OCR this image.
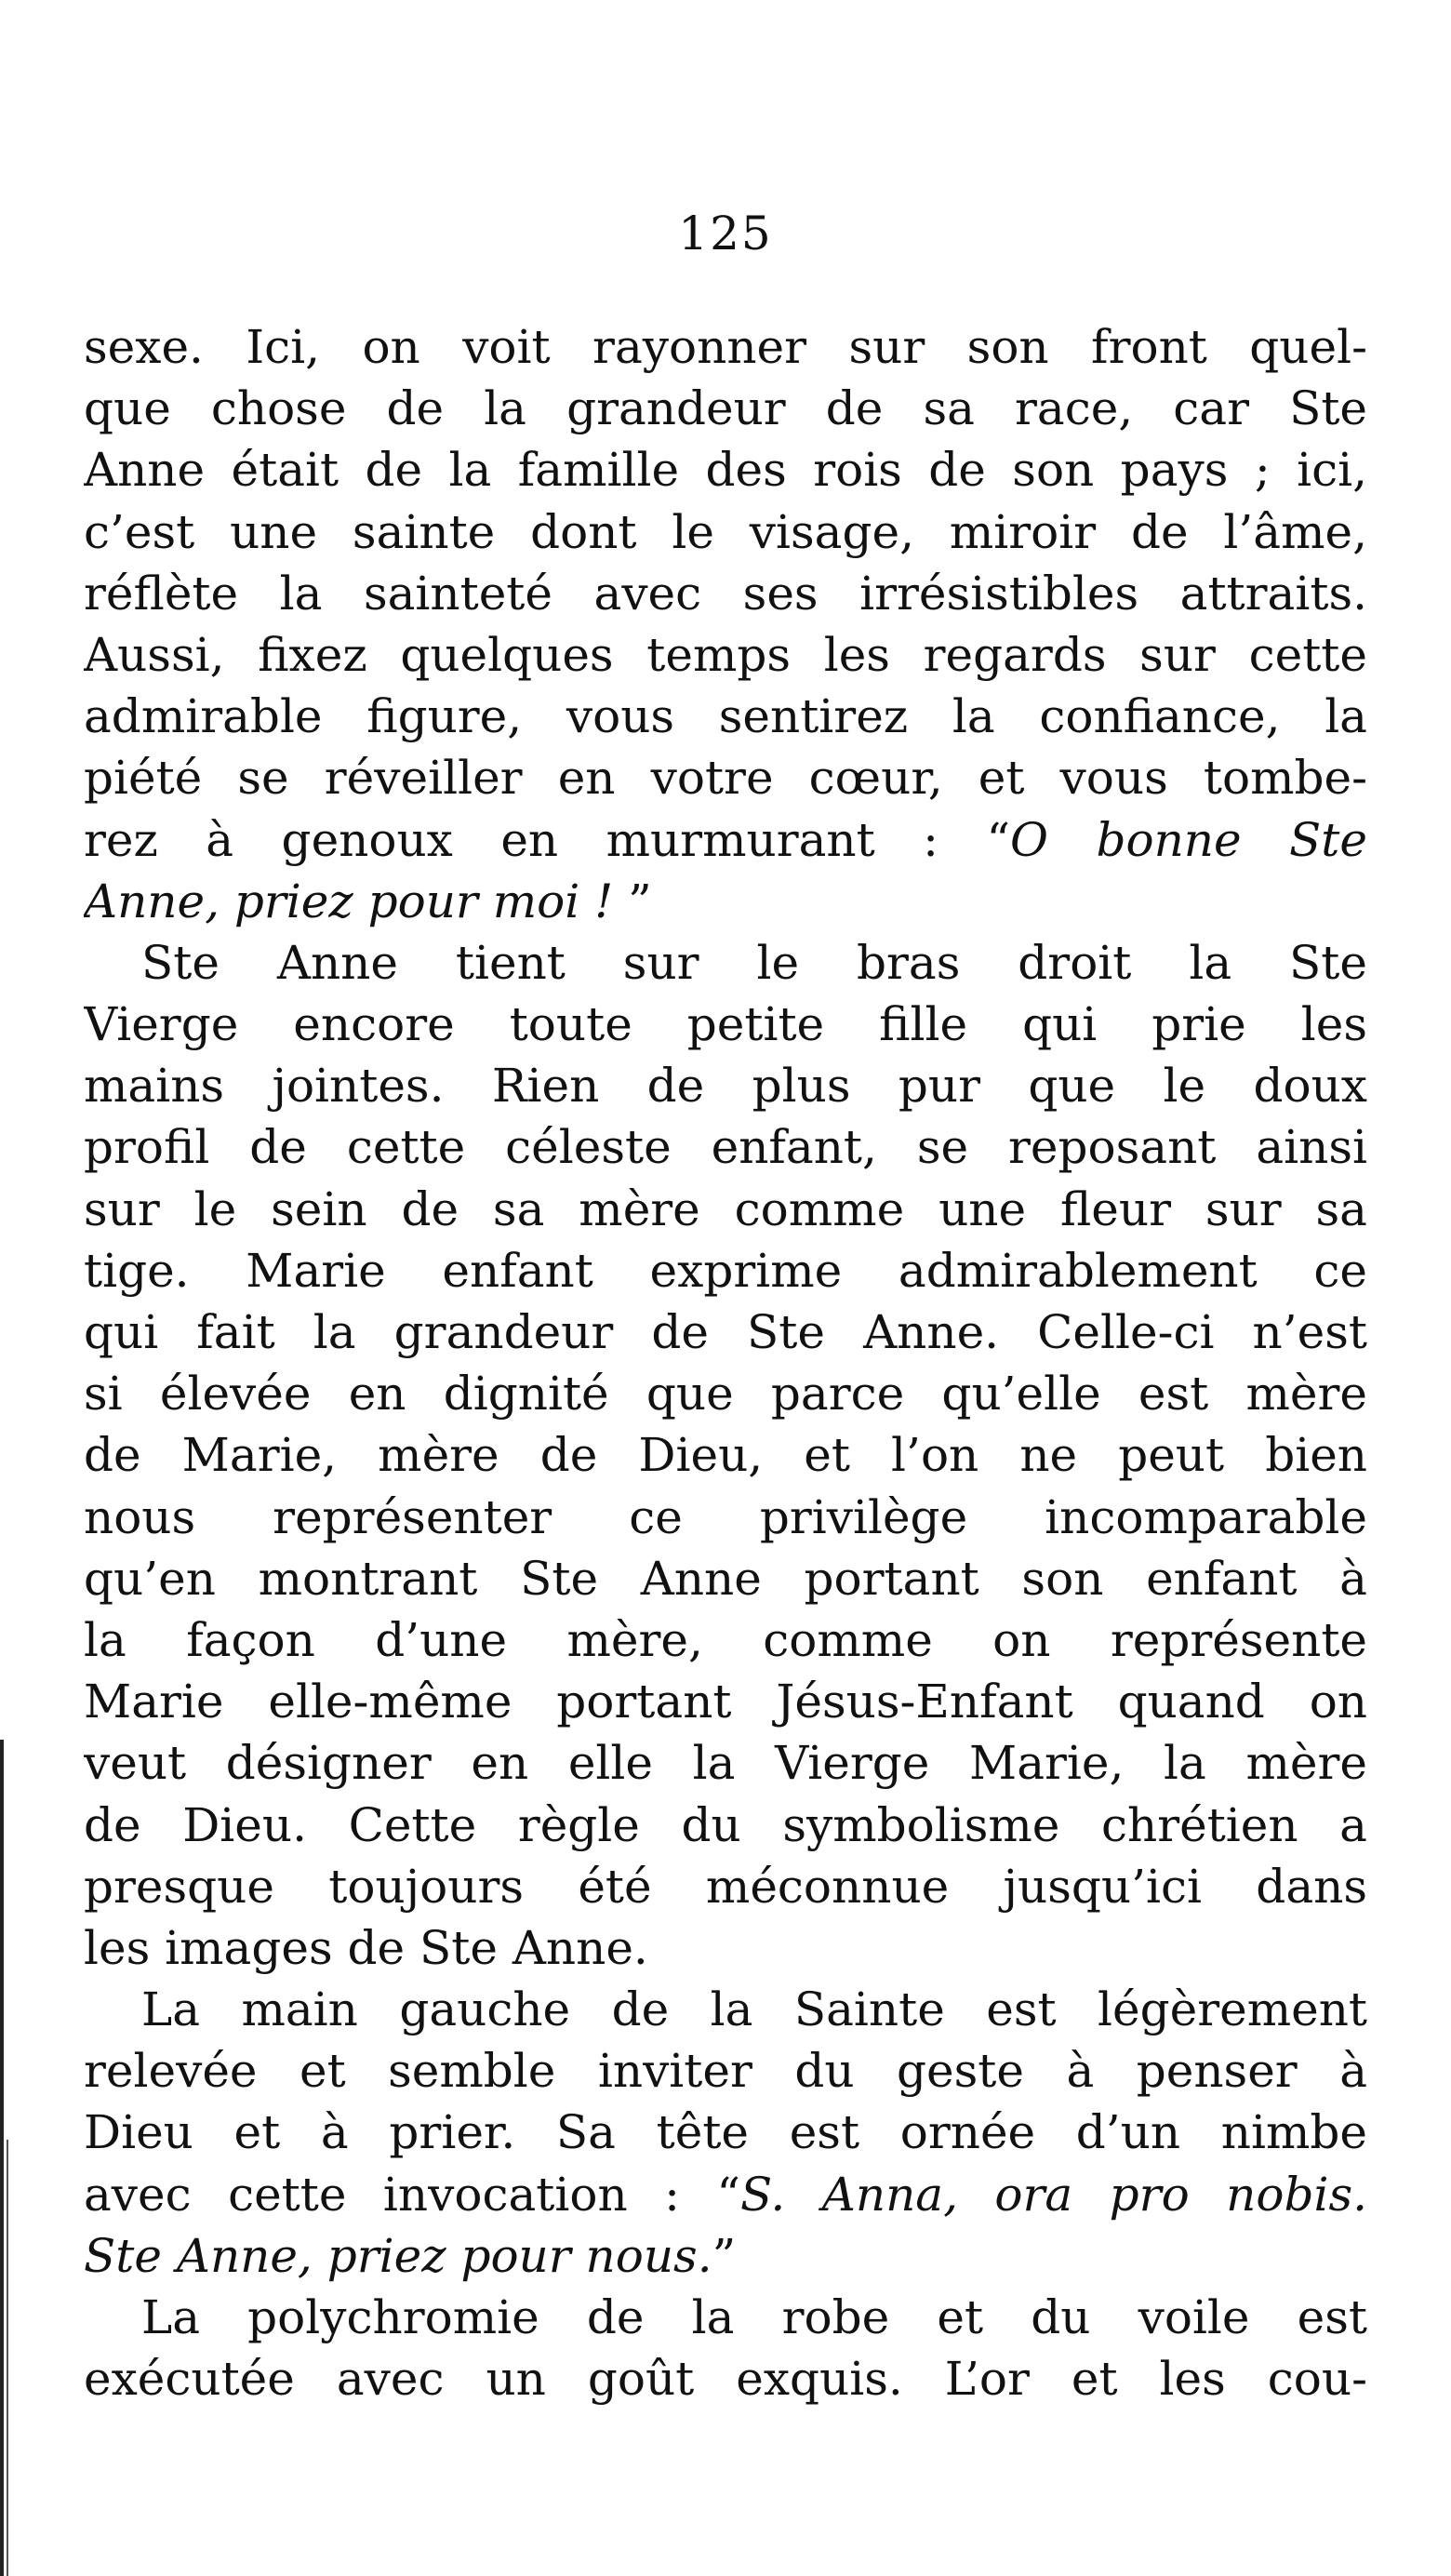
125
sexe. Ici, on voit rayonner sur son front quel-
que chose de la grandeur de sa race, car Ste
Anne était de la famille des rois de son pays ; ici,
c’est une sainte dont le visage, miroir de l’âme,
réflète la sainteté avec ses irrésistibles attraits.
Aussi, fixez quelques temps les regards sur cette
admirable figure, vous sentirez la confiance, la
piété se réveiller en votre cœur, et vous tombe-
rez à genoux en murmurant : “O bonne Ste
Anne, priez pour moi ! ”
Ste Anne tient sur le bras droit la Ste
Vierge encore toute petite fille qui prie les
mains jointes. Rien de plus pur que le doux
profil de cette céleste enfant, se reposant ainsi
sur le sein de sa mère comme une fleur sur sa
tige. Marie enfant exprime admirablement ce
qui fait la grandeur de Ste Anne. Celle-ci n’est
si élevée en dignité que parce qu’elle est mère
de Marie, mère de Dieu, et l’on ne peut bien
nous représenter ce privilège incomparable
qu’en montrant Ste Anne portant son enfant à
la façon d’une mère, comme on représente
Marie elle-même portant Jésus-Enfant quand on
veut désigner en elle la Vierge Marie, la mère
de Dieu. Cette règle du symbolisme chrétien a
presque toujours été méconnue jusqu’ici dans
les images de Ste Anne.
La main gauche de la Sainte est légèrement
relevée et semble inviter du geste à penser à
Dieu et à prier. Sa tête est ornée d’un nimbe
avec cette invocation : “S. Anna, ora pro nobis.
Ste Anne, priez pour nous.”
La polychromie de la robe et du voile est
exécutée avec un goût exquis. L’or et les cou-
